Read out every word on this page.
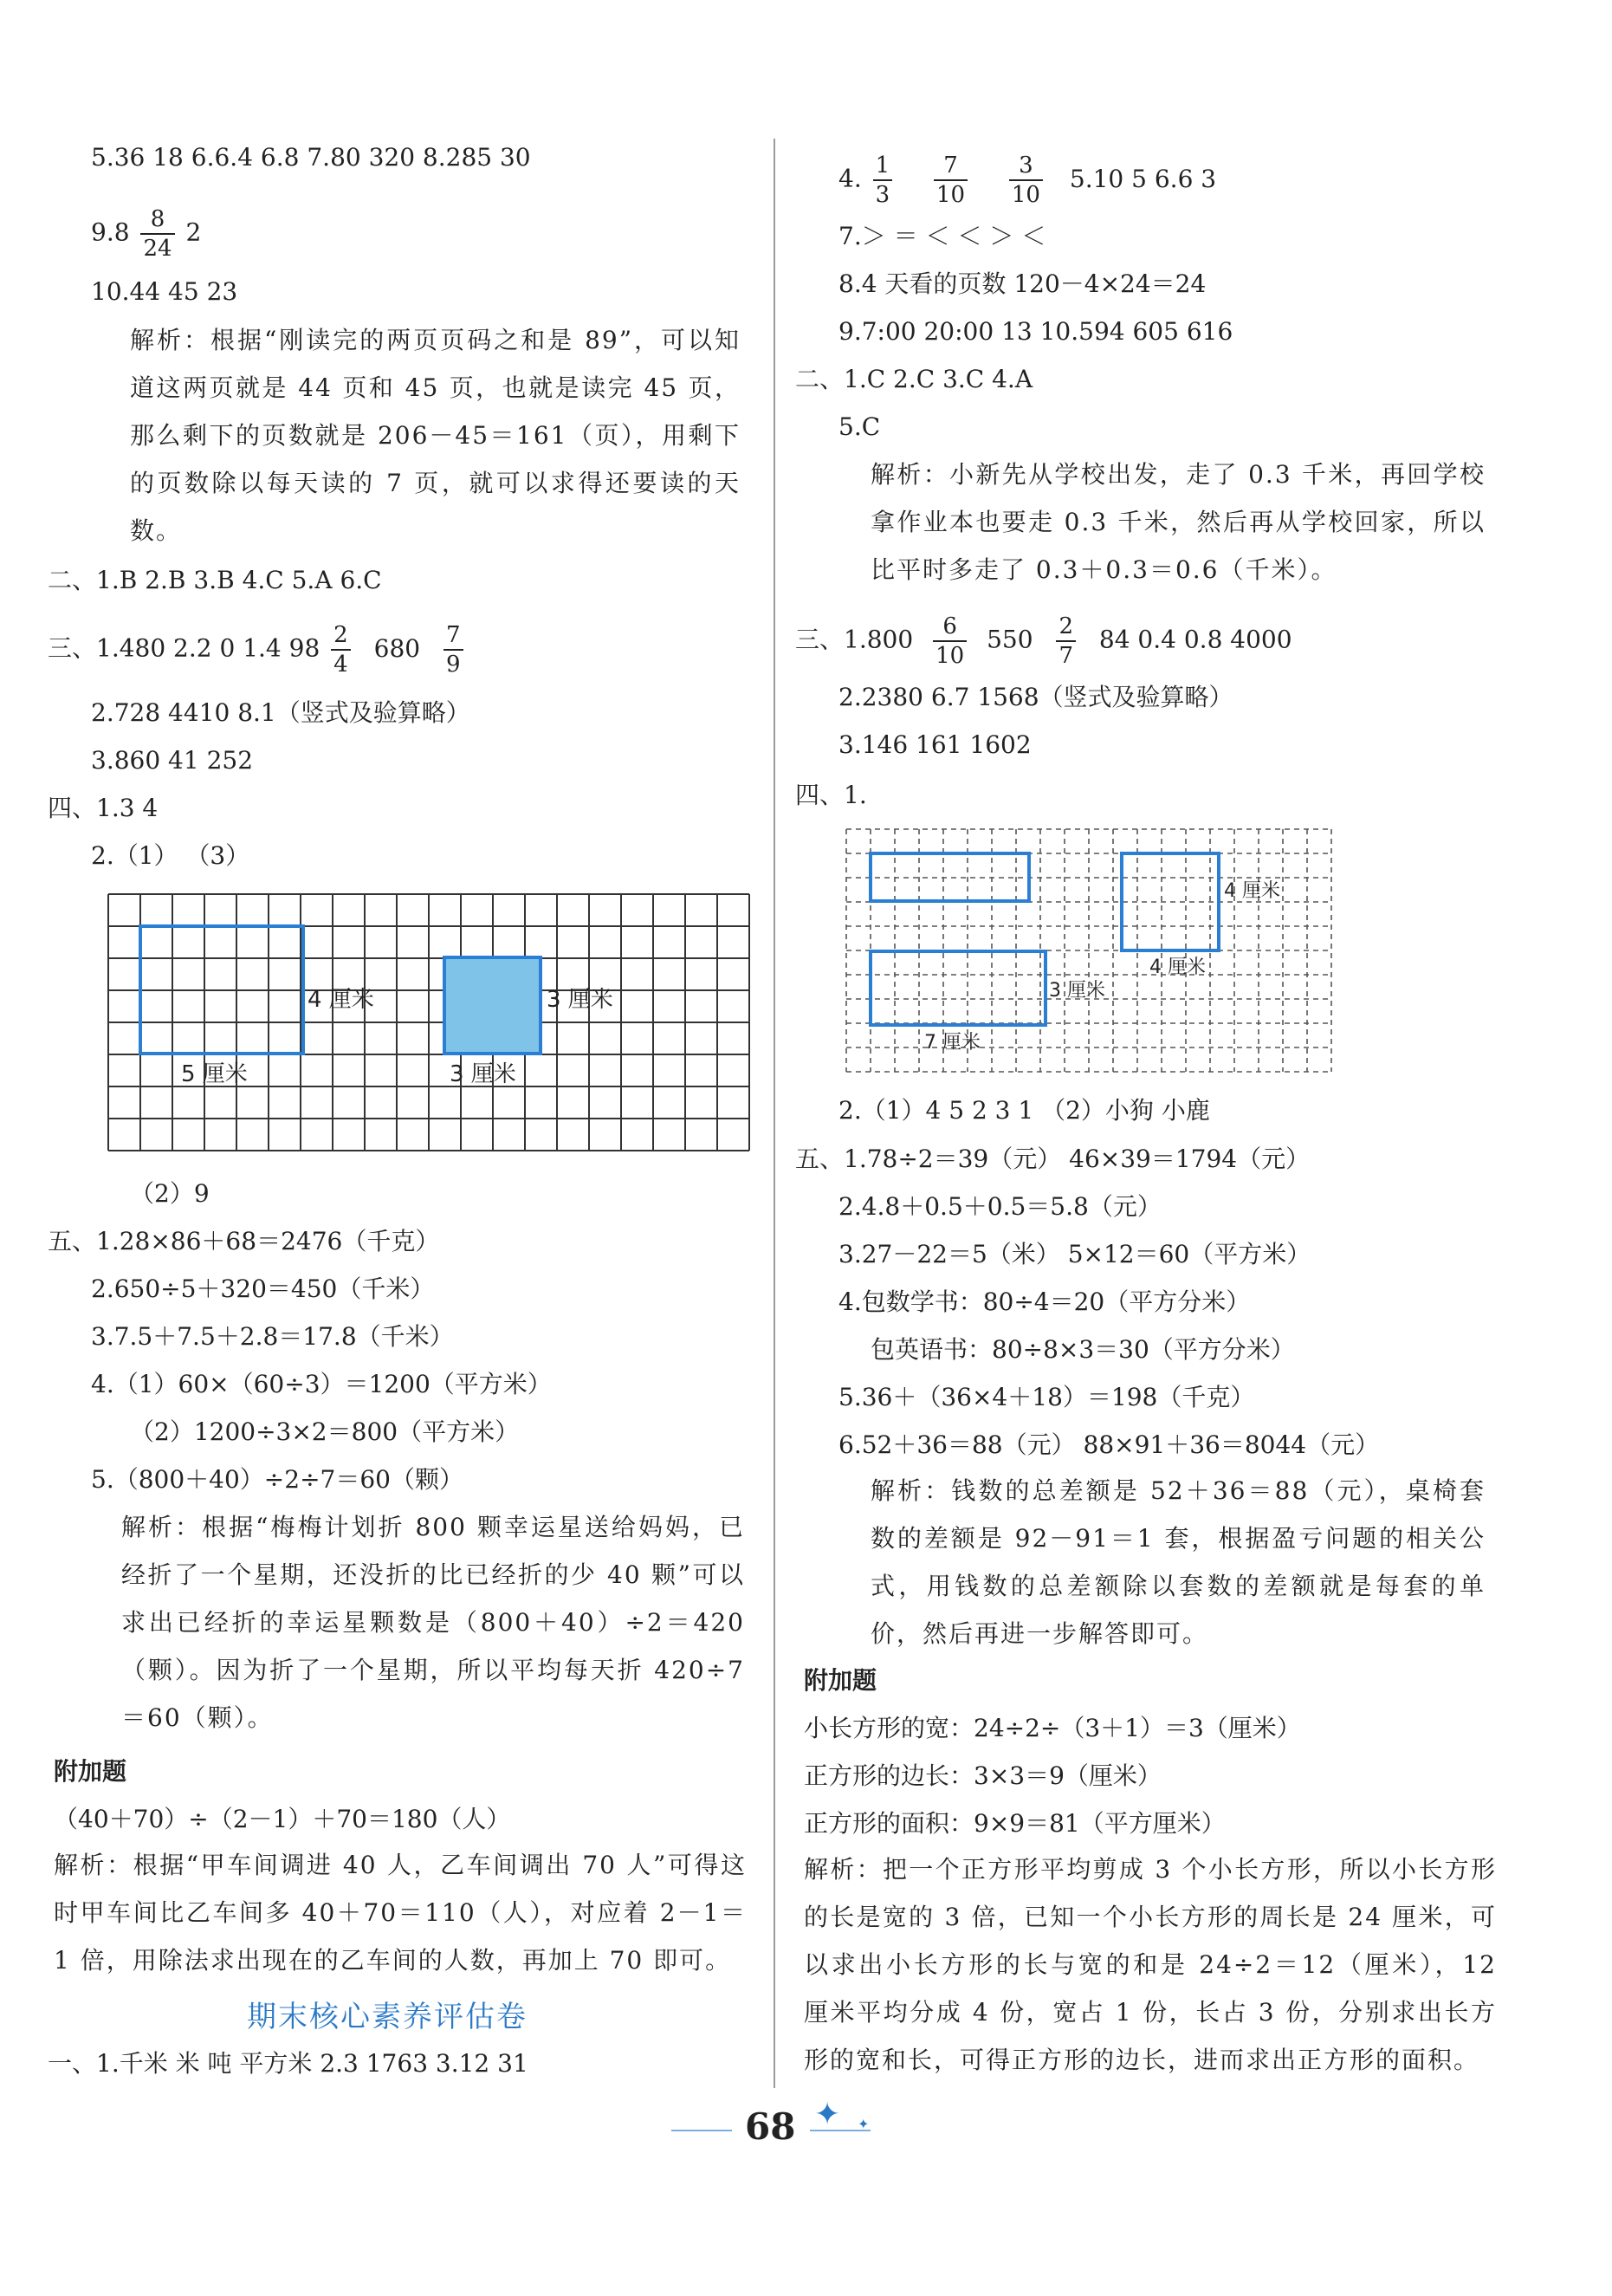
5.36 18 6.6.4 6.8 7.80 320 8.285 30
$9.8 \frac{8}{24} 2$
10.44 45 23
解析：根据“刚读完的两页页码之和是 89”，可以知道这两页就是 44 页和 45 页，也就是读完 45 页，那么剩下的页数就是 206－45＝161（页），用剩下的页数除以每天读的 7 页，就可以求得还要读的天数。
二、1.B 2.B 3.B 4.C 5.A 6.C
三、1.480 2.2 0 1.4 $98 \frac{2}{4} 680 \frac{7}{9}$
2.728 4410 8.1（竖式及验算略）
3.860 41 252
四、1.3 4
2.（1） （3）
4 厘米
5 厘米
3 厘米
3 厘米
（2）9
五、1.28×86＋68＝2476（千克）
2.650÷5＋320＝450（千米）
3.7.5＋7.5＋2.8＝17.8（千米）
4.（1）60×（60÷3）＝1200（平方米）
（2）1200÷3×2＝800（平方米）
5.（800＋40）÷2÷7＝60（颗）
解析：根据“梅梅计划折 800 颗幸运星送给妈妈，已经折了一个星期，还没折的比已经折的少 40 颗”可以求出已经折的幸运星颗数是（800＋40）÷2＝420（颗）。因为折了一个星期，所以平均每天折 420÷7＝60（颗）。
附加题
（40＋70）÷（2－1）＋70＝180（人）
解析：根据“甲车间调进 40 人，乙车间调出 70 人”可得这时甲车间比乙车间多 40＋70＝110（人），对应着 2－1＝1 倍，用除法求出现在的乙车间的人数，再加上 70 即可。
期末核心素养评估卷
一、1.千米 米 吨 平方米 2.3 1763 3.12 31
4. $\frac{1}{3}$
$\frac{7}{10}$
$\frac{3}{10} 5.10$ 5 6.6 3
7.＞ ＝ ＜ ＜ ＞ ＜
8.4 天看的页数 120－4×24＝24
9.7:00 20:00 13 10.594 605 616
二、1.C 2.C 3.C 4.A
5.C
解析：小新先从学校出发，走了 0.3 千米，再回学校拿作业本也要走 0.3 千米，然后再从学校回家，所以比平时多走了 0.3＋0.3＝0.6（千米）。
三、$1.800 \frac{6}{10} 550 \frac{2}{7} 84$ 0.4 0.8 4000
2.2380 6.7 1568（竖式及验算略）
3.146 161 1602
四、1.
4 厘米
4 厘米
3 厘米
7 厘米
2.（1）4 5 2 3 1 （2）小狗 小鹿
五、1.78÷2＝39（元） 46×39＝1794（元）
2.4.8＋0.5＋0.5＝5.8（元）
3.27－22＝5（米） 5×12＝60（平方米）
4.包数学书：80÷4＝20（平方分米）
包英语书：80÷8×3＝30（平方分米）
5.36＋（36×4＋18）＝198（千克）
6.52＋36＝88（元） 88×91＋36＝8044（元）
解析：钱数的总差额是 52＋36＝88（元），桌椅套数的差额是 92－91＝1 套，根据盈亏问题的相关公式，用钱数的总差额除以套数的差额就是每套的单价，然后再进一步解答即可。
附加题
小长方形的宽：24÷2÷（3＋1）＝3（厘米）
正方形的边长：3×3＝9（厘米）
正方形的面积：9×9＝81（平方厘米）
解析：把一个正方形平均剪成 3 个小长方形，所以小长方形的长是宽的 3 倍，已知一个小长方形的周长是 24 厘米，可以求出小长方形的长与宽的和是 24÷2＝12（厘米），12 厘米平均分成 4 份，宽占 1 份，长占 3 份，分别求出长方形的宽和长，可得正方形的边长，进而求出正方形的面积。
68 ✦ ✦
